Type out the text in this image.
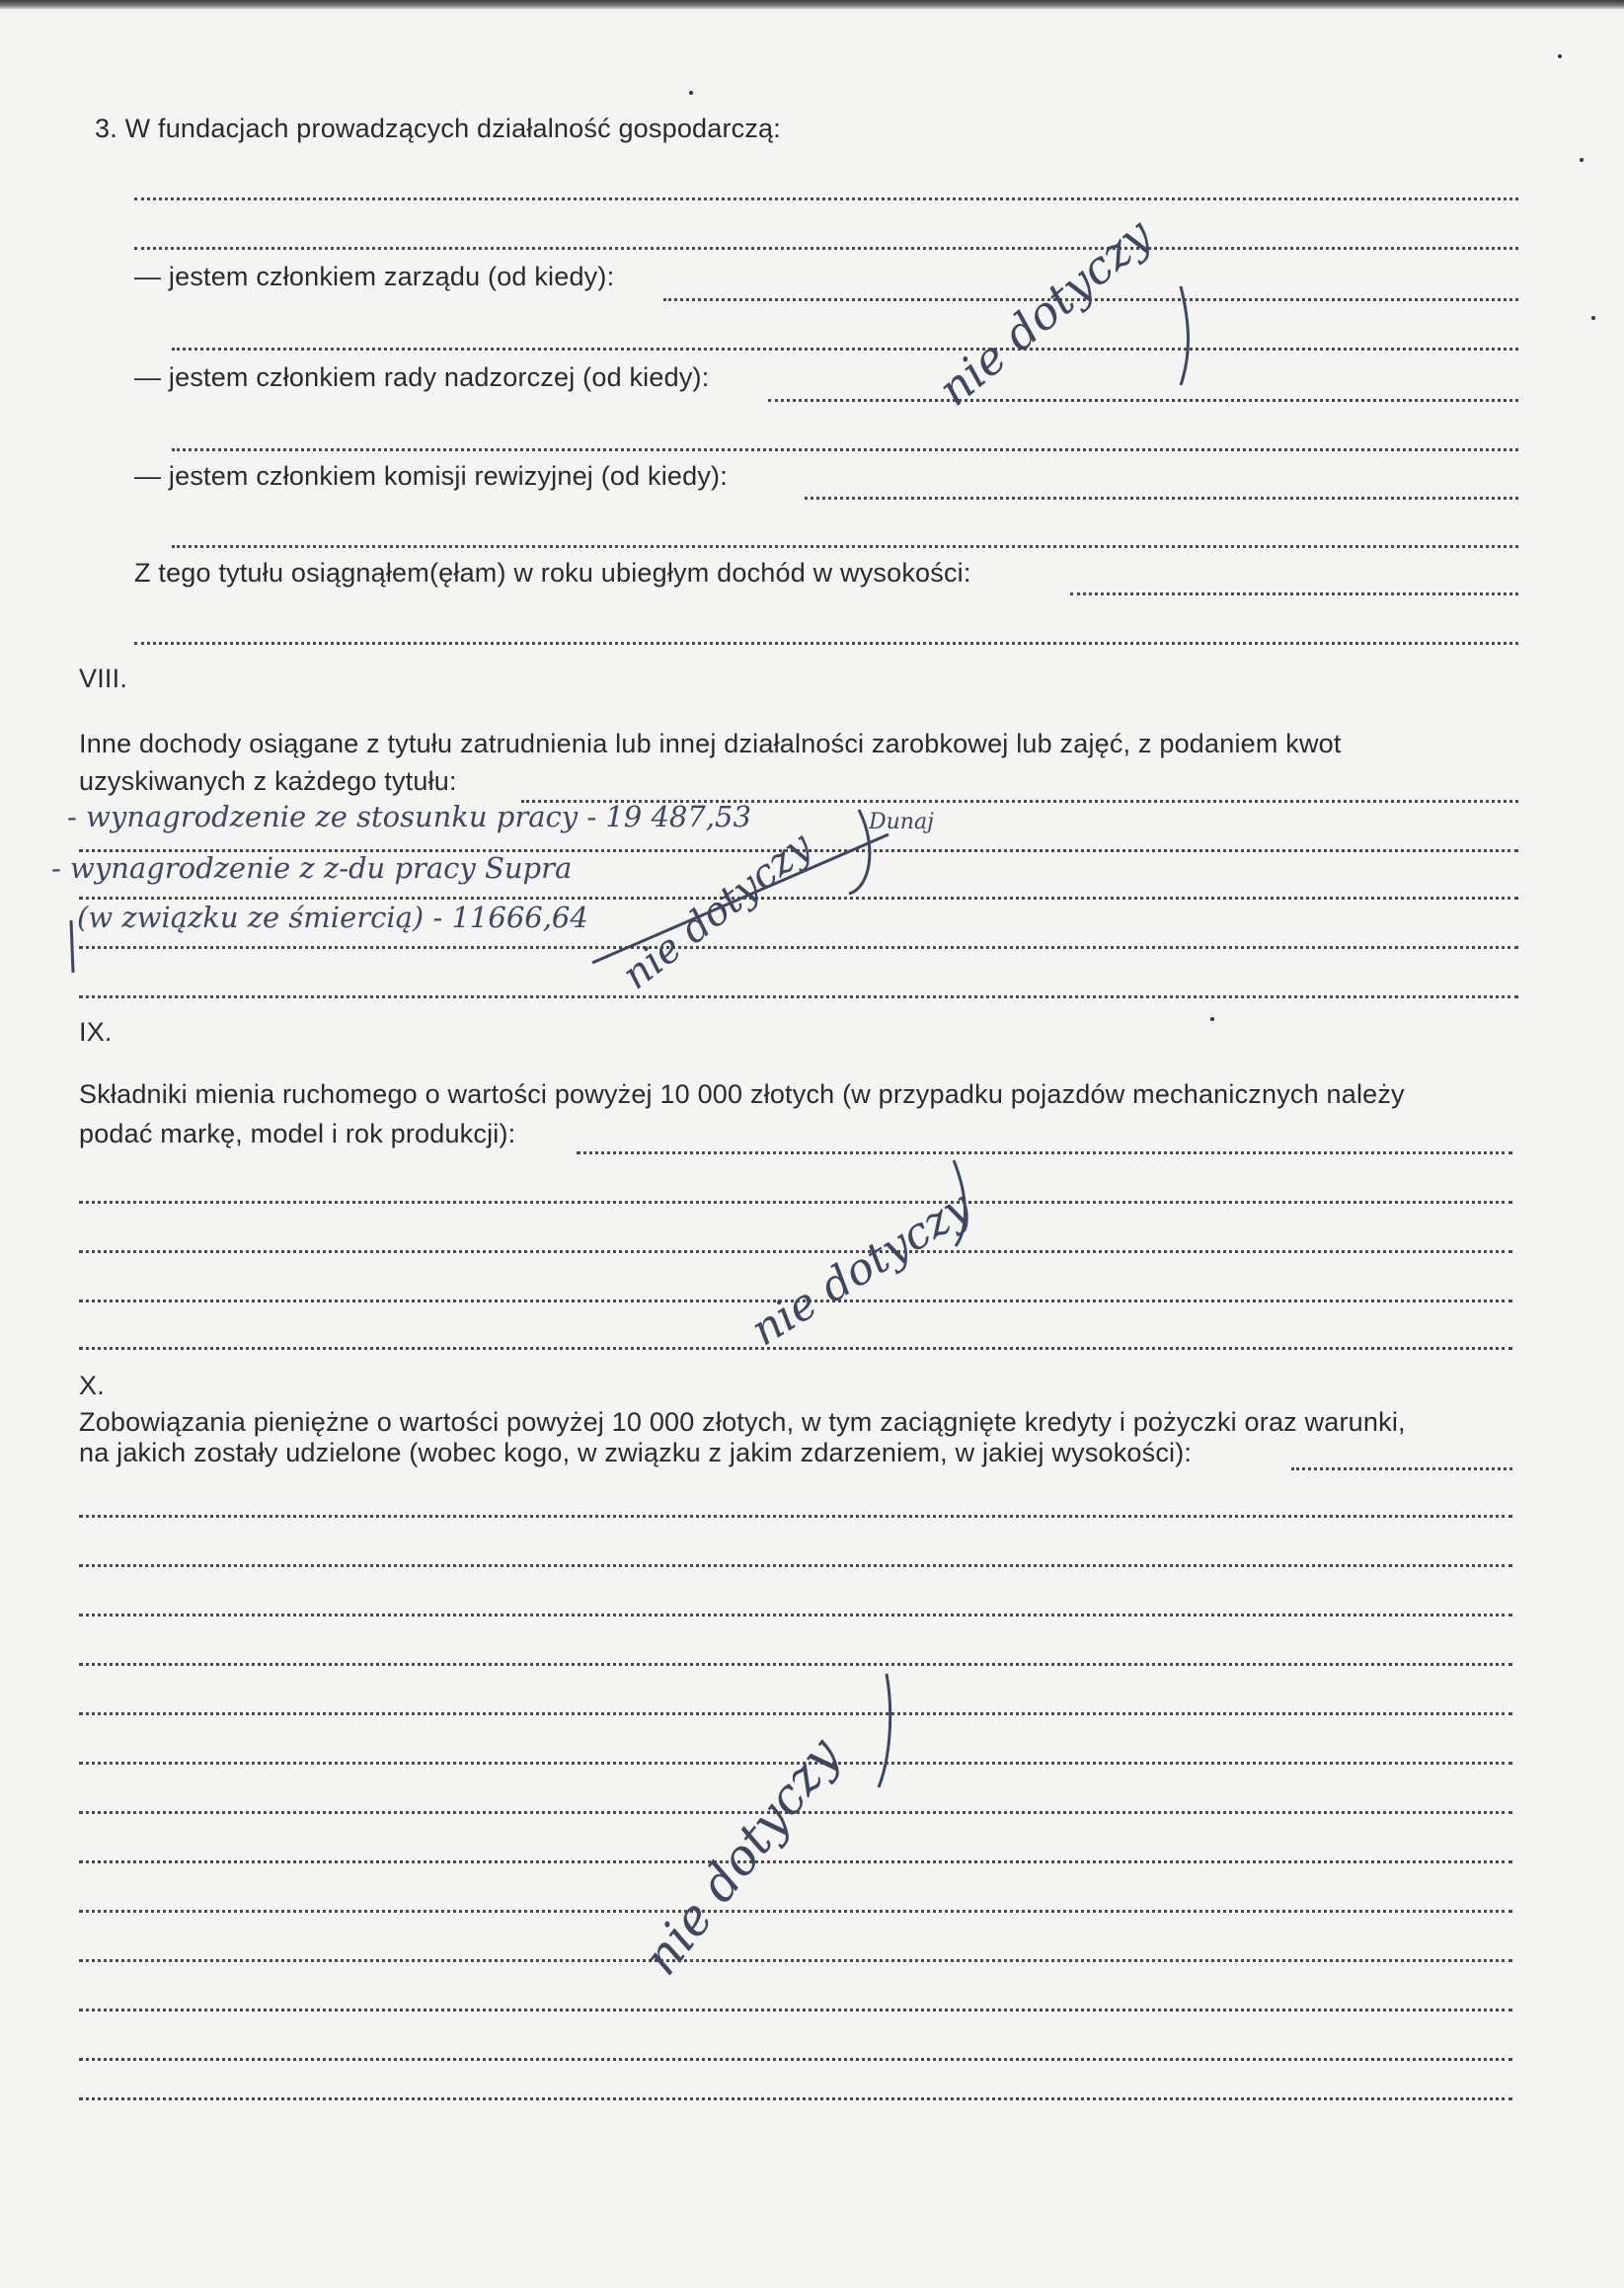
3. W fundacjach prowadzących działalność gospodarczą:
— jestem członkiem zarządu (od kiedy):
— jestem członkiem rady nadzorczej (od kiedy):
— jestem członkiem komisji rewizyjnej (od kiedy):
Z tego tytułu osiągnąłem(ęłam) w roku ubiegłym dochód w wysokości:
nie dotyczy
VIII.
Inne dochody osiągane z tytułu zatrudnienia lub innej działalności zarobkowej lub zajęć, z podaniem kwot
uzyskiwanych z każdego tytułu:
- wynagrodzenie ze stosunku pracy - 19 487,53
- wynagrodzenie z z-du pracy Supra
(w związku ze śmiercią) - 11666,64 nie dotyczy
Dunaj
IX.
Składniki mienia ruchomego o wartości powyżej 10 000 złotych (w przypadku pojazdów mechanicznych należy
podać markę, model i rok produkcji):
nie dotyczy
X.
Zobowiązania pieniężne o wartości powyżej 10 000 złotych, w tym zaciągnięte kredyty i pożyczki oraz warunki,
na jakich zostały udzielone (wobec kogo, w związku z jakim zdarzeniem, w jakiej wysokości):
nie dotyczy
